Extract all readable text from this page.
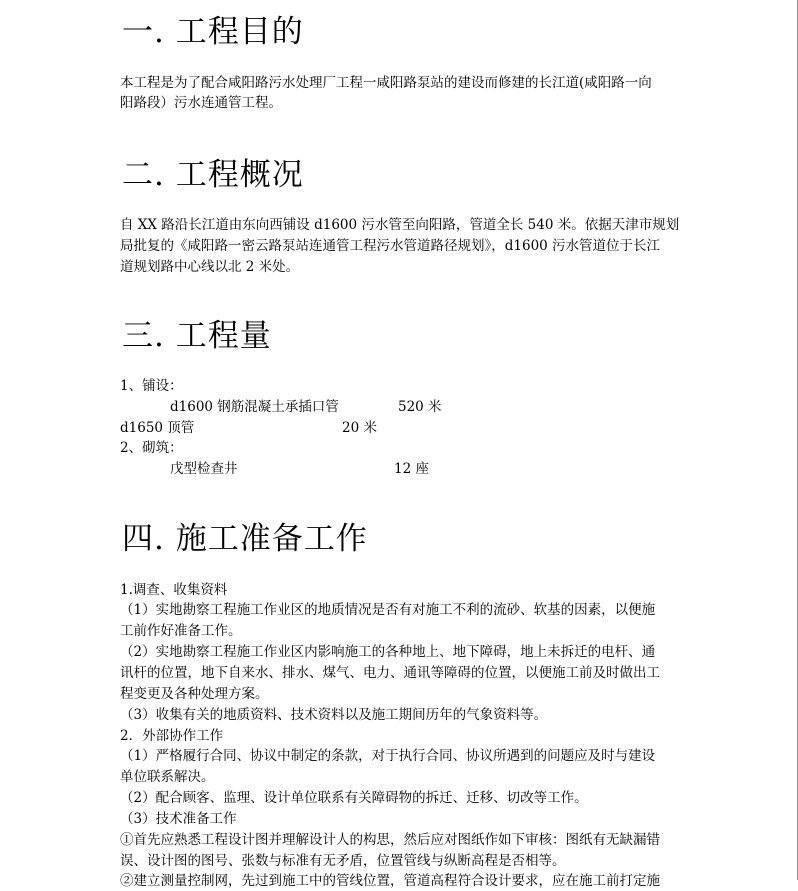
一. 工程目的
本工程是为了配合咸阳路污水处理厂工程一咸阳路泵站的建设而修建的长江道(咸阳路一向
阳路段）污水连通管工程。
二. 工程概况
自 XX 路沿长江道由东向西铺设 d1600 污水管至向阳路，管道全长 540 米。依据天津市规划
局批复的《咸阳路一密云路泵站连通管工程污水管道路径规划》，d1600 污水管道位于长江
道规划路中心线以北 2 米处。
三. 工程量
1、铺设：
d1600 钢筋混凝土承插口管	520 米
d1650 顶管	20 米
2、砌筑：
戊型检查井	12 座
四. 施工准备工作
1.调查、收集资料
（1）实地勘察工程施工作业区的地质情况是否有对施工不利的流砂、软基的因素，以便施
工前作好准备工作。
（2）实地勘察工程施工作业区内影响施工的各种地上、地下障碍，地上未拆迁的电杆、通
讯杆的位置，地下自来水、排水、煤气、电力、通讯等障碍的位置，以便施工前及时做出工
程变更及各种处理方案。
（3）收集有关的地质资料、技术资料以及施工期间历年的气象资料等。
2．外部协作工作
（1）严格履行合同、协议中制定的条款，对于执行合同、协议所遇到的问题应及时与建设
单位联系解决。
（2）配合顾客、监理、设计单位联系有关障碍物的拆迁、迁移、切改等工作。
（3）技术准备工作
①首先应熟悉工程设计图并理解设计人的构思，然后应对图纸作如下审核：图纸有无缺漏错
误、设计图的图号、张数与标准有无矛盾，位置管线与纵断高程是否相等。
②建立测量控制网，先过到施工中的管线位置，管道高程符合设计要求，应在施工前打定施
